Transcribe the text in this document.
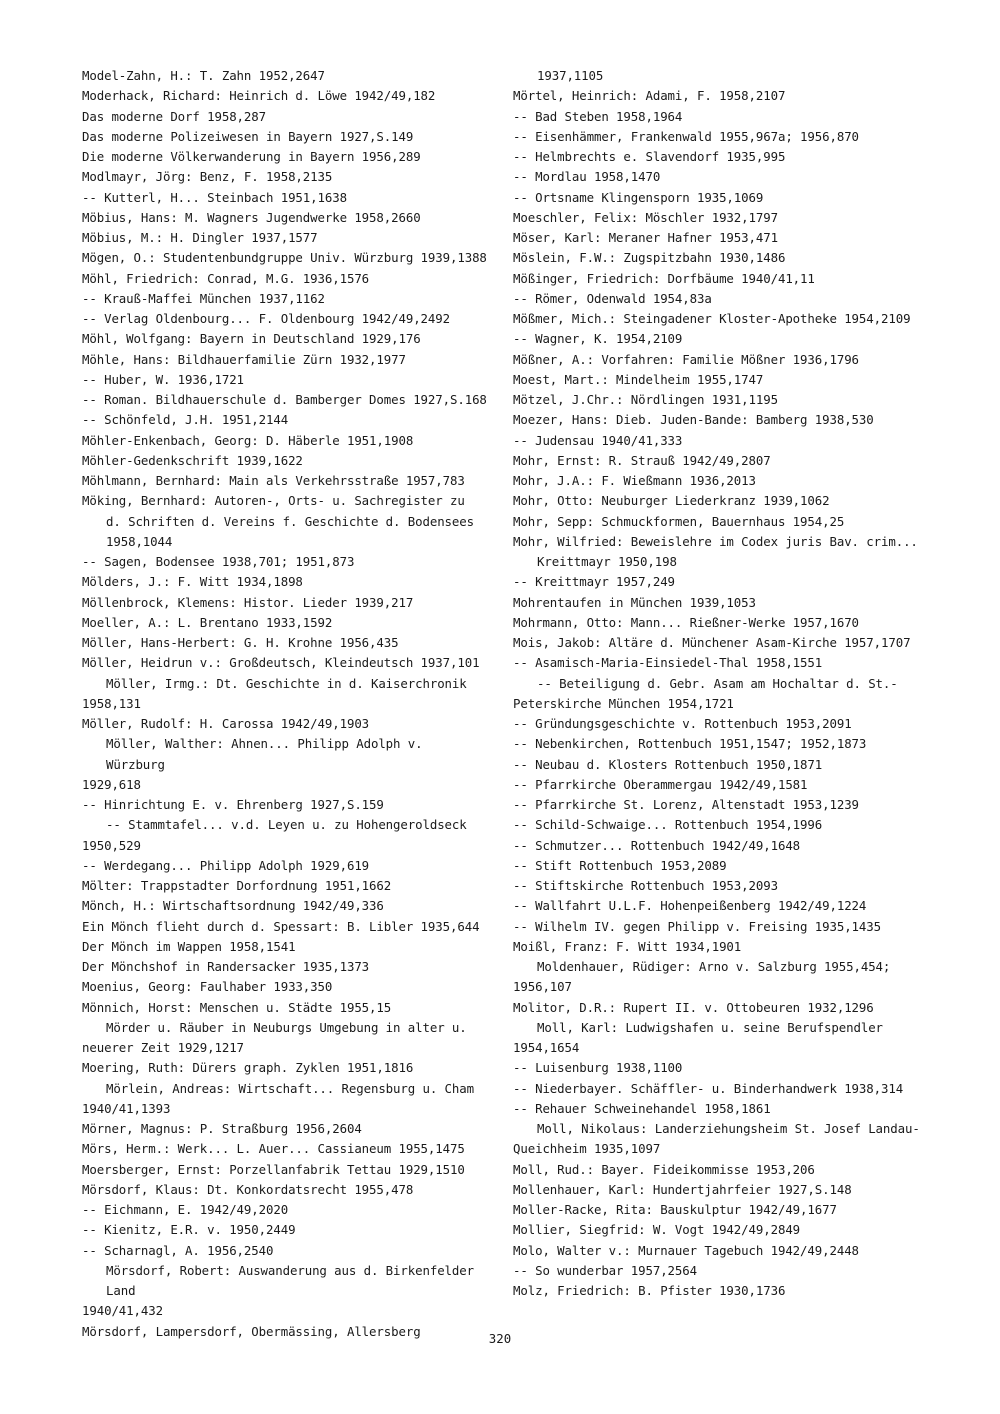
Model-Zahn, H.: T. Zahn 1952,2647

Moderhack, Richard: Heinrich d. Löwe 1942/49,182

Das moderne Dorf 1958,287

Das moderne Polizeiwesen in Bayern 1927,S.149

Die moderne Völkerwanderung in Bayern 1956,289

Modlmayr, Jörg: Benz, F. 1958,2135

-- Kutterl, H... Steinbach 1951,1638

Möbius, Hans: M. Wagners Jugendwerke 1958,2660

Möbius, M.: H. Dingler 1937,1577

Mögen, O.: Studentenbundgruppe Univ. Würzburg 1939,1388

Möhl, Friedrich: Conrad, M.G. 1936,1576

-- Krauß-Maffei München 1937,1162

-- Verlag Oldenbourg... F. Oldenbourg 1942/49,2492

Möhl, Wolfgang: Bayern in Deutschland 1929,176

Möhle, Hans: Bildhauerfamilie Zürn 1932,1977

-- Huber, W. 1936,1721

-- Roman. Bildhauerschule d. Bamberger Domes 1927,S.168

-- Schönfeld, J.H. 1951,2144

Möhler-Enkenbach, Georg: D. Häberle 1951,1908

Möhler-Gedenkschrift 1939,1622

Möhlmann, Bernhard: Main als Verkehrsstraße 1957,783

Möking, Bernhard: Autoren-, Orts- u. Sachregister zu

d. Schriften d. Vereins f. Geschichte d. Bodensees

1958,1044

-- Sagen, Bodensee 1938,701; 1951,873

Mölders, J.: F. Witt 1934,1898

Möllenbrock, Klemens: Histor. Lieder 1939,217

Moeller, A.: L. Brentano 1933,1592

Möller, Hans-Herbert: G. H. Krohne 1956,435

Möller, Heidrun v.: Großdeutsch, Kleindeutsch 1937,101

Möller, Irmg.: Dt. Geschichte in d. Kaiserchronik

1958,131

Möller, Rudolf: H. Carossa 1942/49,1903

Möller, Walther: Ahnen... Philipp Adolph v. Würzburg

1929,618

-- Hinrichtung E. v. Ehrenberg 1927,S.159

-- Stammtafel... v.d. Leyen u. zu Hohengeroldseck

1950,529

-- Werdegang... Philipp Adolph 1929,619

Mölter: Trappstadter Dorfordnung 1951,1662

Mönch, H.: Wirtschaftsordnung 1942/49,336

Ein Mönch flieht durch d. Spessart: B. Libler 1935,644

Der Mönch im Wappen 1958,1541

Der Mönchshof in Randersacker 1935,1373

Moenius, Georg: Faulhaber 1933,350

Mönnich, Horst: Menschen u. Städte 1955,15

Mörder u. Räuber in Neuburgs Umgebung in alter u.

neuerer Zeit 1929,1217

Moering, Ruth: Dürers graph. Zyklen 1951,1816

Mörlein, Andreas: Wirtschaft... Regensburg u. Cham

1940/41,1393

Mörner, Magnus: P. Straßburg 1956,2604

Mörs, Herm.: Werk... L. Auer... Cassianeum 1955,1475

Moersberger, Ernst: Porzellanfabrik Tettau 1929,1510

Mörsdorf, Klaus: Dt. Konkordatsrecht 1955,478

-- Eichmann, E. 1942/49,2020

-- Kienitz, E.R. v. 1950,2449

-- Scharnagl, A. 1956,2540

Mörsdorf, Robert: Auswanderung aus d. Birkenfelder Land

1940/41,432

Mörsdorf, Lampersdorf, Obermässing, Allersberg

1937,1105

Mörtel, Heinrich: Adami, F. 1958,2107

-- Bad Steben 1958,1964

-- Eisenhämmer, Frankenwald 1955,967a; 1956,870

-- Helmbrechts e. Slavendorf 1935,995

-- Mordlau 1958,1470

-- Ortsname Klingensporn 1935,1069

Moeschler, Felix: Möschler 1932,1797

Möser, Karl: Meraner Hafner 1953,471

Möslein, F.W.: Zugspitzbahn 1930,1486

Mößinger, Friedrich: Dorfbäume 1940/41,11

-- Römer, Odenwald 1954,83a

Mößmer, Mich.: Steingadener Kloster-Apotheke 1954,2109

-- Wagner, K. 1954,2109

Mößner, A.: Vorfahren: Familie Mößner 1936,1796

Moest, Mart.: Mindelheim 1955,1747

Mötzel, J.Chr.: Nördlingen 1931,1195

Moezer, Hans: Dieb. Juden-Bande: Bamberg 1938,530

-- Judensau 1940/41,333

Mohr, Ernst: R. Strauß 1942/49,2807

Mohr, J.A.: F. Wießmann 1936,2013

Mohr, Otto: Neuburger Liederkranz 1939,1062

Mohr, Sepp: Schmuckformen, Bauernhaus 1954,25

Mohr, Wilfried: Beweislehre im Codex juris Bav. crim...

Kreittmayr 1950,198

-- Kreittmayr 1957,249

Mohrentaufen in München 1939,1053

Mohrmann, Otto: Mann... Rießner-Werke 1957,1670

Mois, Jakob: Altäre d. Münchener Asam-Kirche 1957,1707

-- Asamisch-Maria-Einsiedel-Thal 1958,1551

-- Beteiligung d. Gebr. Asam am Hochaltar d. St.-

Peterskirche München 1954,1721

-- Gründungsgeschichte v. Rottenbuch 1953,2091

-- Nebenkirchen, Rottenbuch 1951,1547; 1952,1873

-- Neubau d. Klosters Rottenbuch 1950,1871

-- Pfarrkirche Oberammergau 1942/49,1581

-- Pfarrkirche St. Lorenz, Altenstadt 1953,1239

-- Schild-Schwaige... Rottenbuch 1954,1996

-- Schmutzer... Rottenbuch 1942/49,1648

-- Stift Rottenbuch 1953,2089

-- Stiftskirche Rottenbuch 1953,2093

-- Wallfahrt U.L.F. Hohenpeißenberg 1942/49,1224

-- Wilhelm IV. gegen Philipp v. Freising 1935,1435

Moißl, Franz: F. Witt 1934,1901

Moldenhauer, Rüdiger: Arno v. Salzburg 1955,454;

1956,107

Molitor, D.R.: Rupert II. v. Ottobeuren 1932,1296

Moll, Karl: Ludwigshafen u. seine Berufspendler

1954,1654

-- Luisenburg 1938,1100

-- Niederbayer. Schäffler- u. Binderhandwerk 1938,314

-- Rehauer Schweinehandel 1958,1861

Moll, Nikolaus: Landerziehungsheim St. Josef Landau-

Queichheim 1935,1097

Moll, Rud.: Bayer. Fideikommisse 1953,206

Mollenhauer, Karl: Hundertjahrfeier 1927,S.148

Moller-Racke, Rita: Bauskulptur 1942/49,1677

Mollier, Siegfrid: W. Vogt 1942/49,2849

Molo, Walter v.: Murnauer Tagebuch 1942/49,2448

-- So wunderbar 1957,2564

Molz, Friedrich: B. Pfister 1930,1736

320
